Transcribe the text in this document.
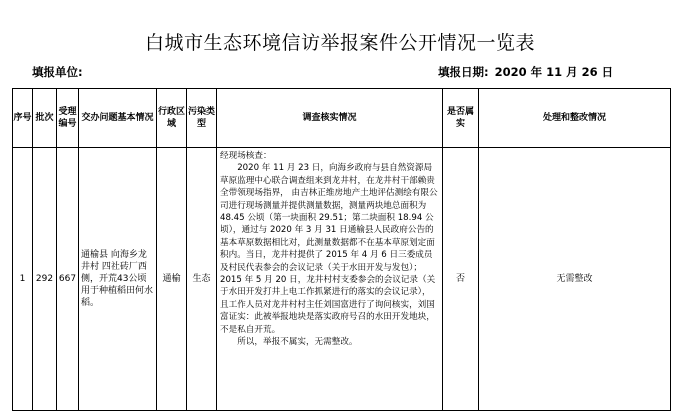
白城市生态环境信访举报案件公开情况一览表
填报单位:	填报日期: 2020 年 11 月 26 日
序号	批次	受理编号	交办问题基本情况	行政区域	污染类型	调查核实情况	是否属实	处理和整改情况
1	292	667	通榆县 向海乡龙井村 四社砖厂西侧，开荒43公顷用于种植稻田何水稻。	通榆	生态	经现场核查：

2020 年 11 月 23 日，向海乡政府与县自然资源局草原监理中心联合调查组来到龙井村，在龙井村干部赖贵全带领现场指界， 由吉林正维房地产土地评估测绘有限公司进行现场测量并提供测量数据，测量两块地总面积为 48.45 公顷（第一块面积 29.51；第二块面积 18.94 公顷），通过与 2020 年 3 月 31 日通榆县人民政府公告的基本草原数据相比对，此测量数据都不在基本草原划定面积内。当日，龙井村提供了 2015 年 4 月 6 日三委成员及村民代表参会的会议记录（关于水田开发与发包）； 2015 年 5 月 20 日，龙井村村支委参会的会议记录（关于水田开发打井上电工作抓紧进行的落实的会议记录），且工作人员对龙井村村主任刘国富进行了询问核实，刘国富证实：此被举报地块是落实政府号召的水田开发地块，不是私自开荒。

所以，举报不属实，无需整改。	否	无需整改
